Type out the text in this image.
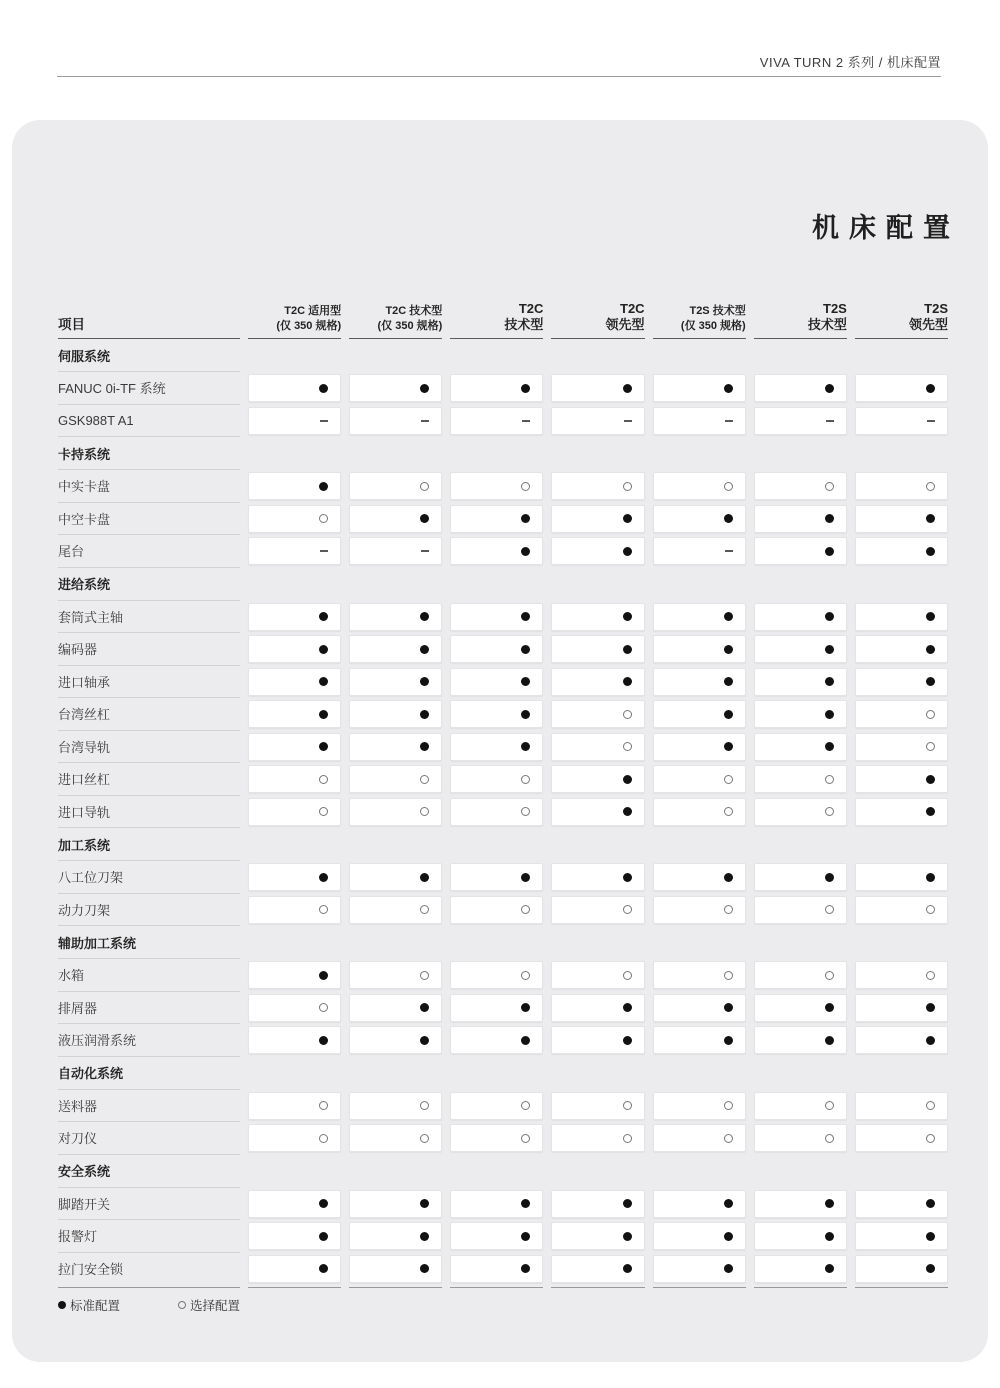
VIVA TURN 2 系列 / 机床配置
机床配置
项目
T2C 适用型
(仅 350 规格)
T2C 技术型
(仅 350 规格)
T2C
技术型
T2C
领先型
T2S 技术型
(仅 350 规格)
T2S
技术型
T2S
领先型
伺服系统
FANUC 0i-TF 系统
GSK988T A1
卡持系统
中实卡盘
中空卡盘
尾台
进给系统
套筒式主轴
编码器
进口轴承
台湾丝杠
台湾导轨
进口丝杠
进口导轨
加工系统
八工位刀架
动力刀架
辅助加工系统
水箱
排屑器
液压润滑系统
自动化系统
送料器
对刀仪
安全系统
脚踏开关
报警灯
拉门安全锁
标准配置	选择配置
